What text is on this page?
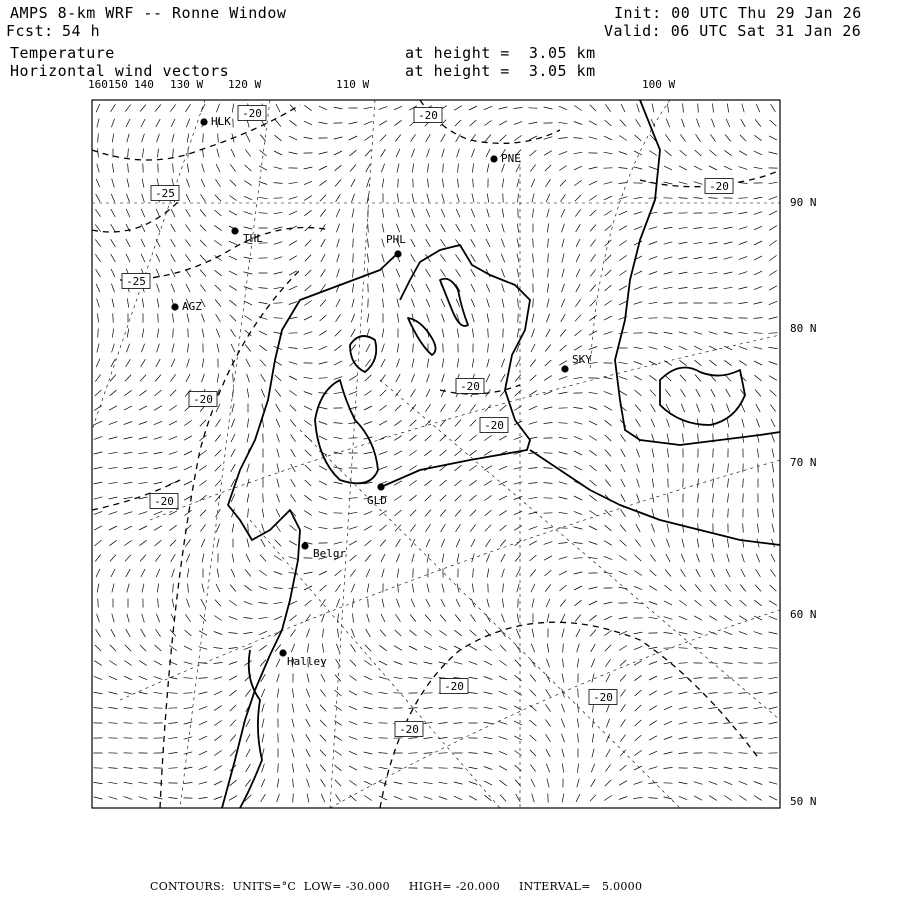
AMPS 8-km WRF -- Ronne Window
Fcst: 54 h
Temperature
Horizontal wind vectors
at height =  3.05 km
at height =  3.05 km
Init: 00 UTC Thu 29 Jan 26
Valid: 06 UTC Sat 31 Jan 26
160 150 140 130 W 120 W	110 W	100 W
90 N
80 N
70 N
60 N
50 N
HLK
PNE
THL	PHL
AGZ
SKY
GLD
Belgr
Halley
-20	-20
-25
-20
-25
-20
-20
-20
-20
-20
-20
-20
CONTOURS:  UNITS=°C  LOW= -30.000     HIGH= -20.000     INTERVAL=   5.0000
